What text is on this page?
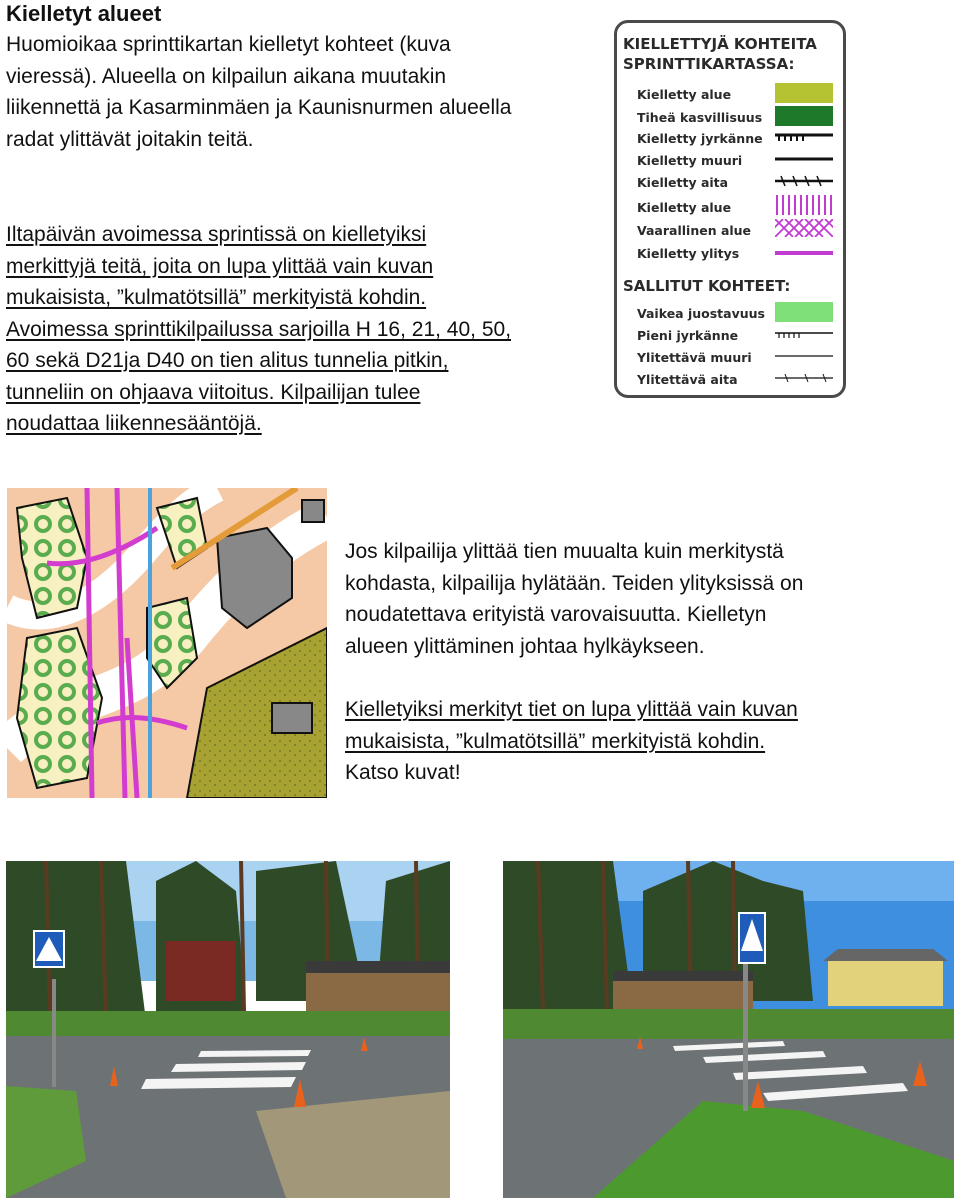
Kielletyt alueet
Huomioikaa sprinttikartan kielletyt kohteet (kuva
vieressä). Alueella on kilpailun aikana muutakin
liikennettä ja Kasarminmäen ja Kaunisnurmen alueella
radat ylittävät joitakin teitä.
Iltapäivän avoimessa sprintissä on kielletyiksi
merkittyjä teitä, joita on lupa ylittää vain kuvan
mukaisista, ”kulmatötsillä” merkityistä kohdin.
Avoimessa sprinttikilpailussa sarjoilla H 16, 21, 40, 50,
60 sekä D21ja D40 on tien alitus tunnelia pitkin,
tunneliin on ohjaava viitoitus. Kilpailijan tulee
noudattaa liikennesääntöjä.
KIELLETTYJÄ KOHTEITA
SPRINTTIKARTASSA:
Kielletty alue
Tiheä kasvillisuus
Kielletty jyrkänne
Kielletty muuri
Kielletty aita
Kielletty alue
Vaarallinen alue
Kielletty ylitys
SALLITUT KOHTEET:
Vaikea juostavuus
Pieni jyrkänne
Ylitettävä muuri
Ylitettävä aita
Jos kilpailija ylittää tien muualta kuin merkitystä
kohdasta, kilpailija hylätään. Teiden ylityksissä on
noudatettava erityistä varovaisuutta. Kielletyn
alueen ylittäminen johtaa hylkäykseen.
Kielletyiksi merkityt tiet on lupa ylittää vain kuvan
mukaisista, ”kulmatötsillä” merkityistä kohdin.
Katso kuvat!
